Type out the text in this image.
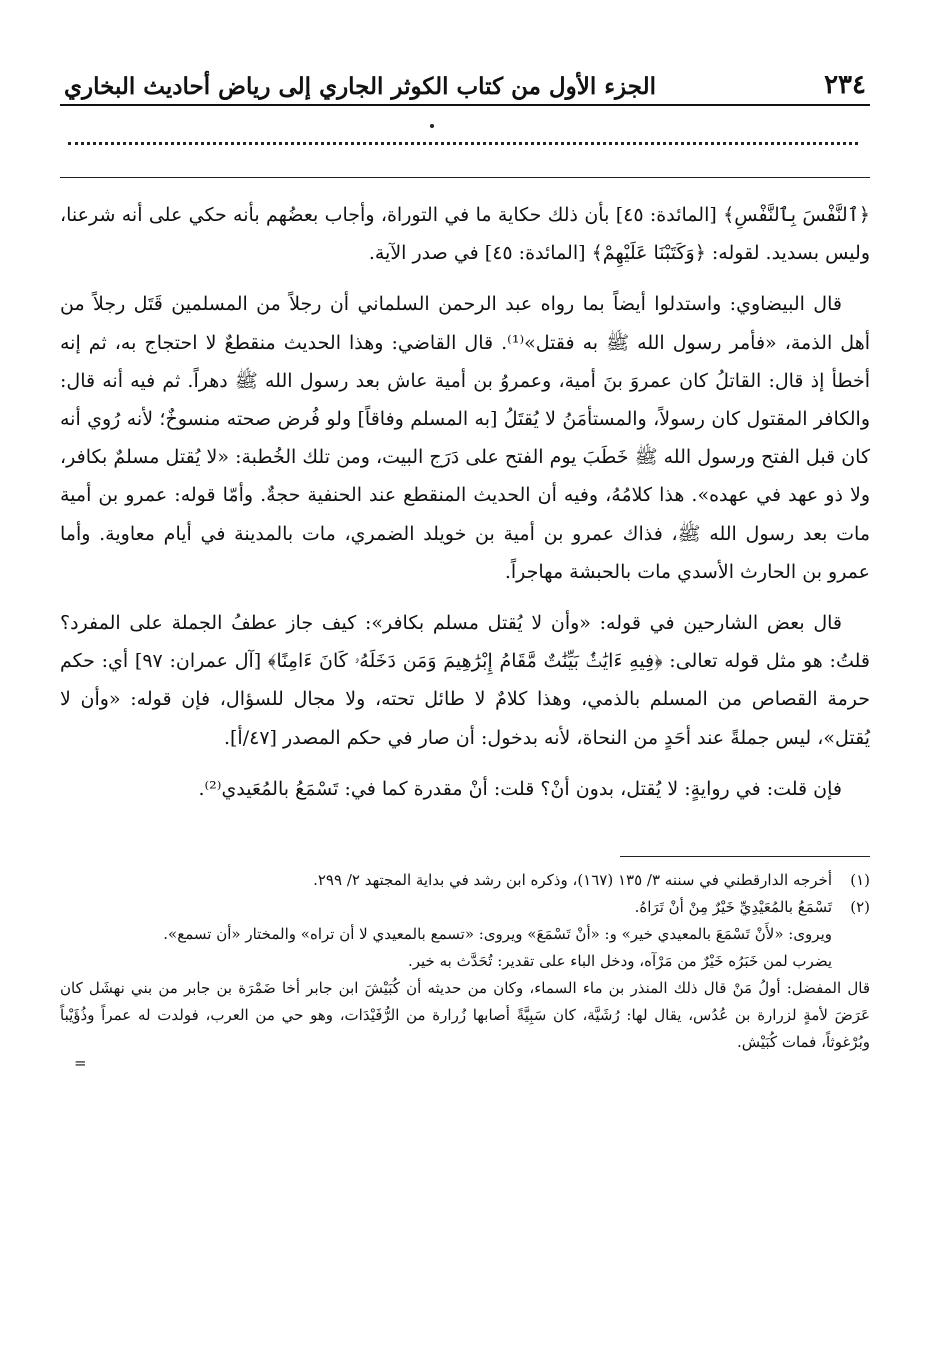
٢٣٤
الجزء الأول من كتاب الكوثر الجاري إلى رياض أحاديث البخاري

﴿ٱلنَّفْسَ بِٱلنَّفْسِ﴾ [المائدة: ٤٥] بأن ذلك حكاية ما في التوراة، وأجاب بعضُهم بأنه حكي على أنه شرعنا، وليس بسديد. لقوله: ﴿وَكَتَبْنَا عَلَيْهِمْ﴾ [المائدة: ٤٥] في صدر الآية.

قال البيضاوي: واستدلوا أيضاً بما رواه عبد الرحمن السلماني أن رجلاً من المسلمين قَتَل رجلاً من أهل الذمة، «فأمر رسول الله ﷺ به فقتل»⁽¹⁾. قال القاضي: وهذا الحديث منقطعٌ لا احتجاج به، ثم إنه أخطأ إذ قال: القاتلُ كان عمروَ بنَ أمية، وعمروُ بن أمية عاش بعد رسول الله ﷺ دهراً. ثم فيه أنه قال: والكافر المقتول كان رسولاً، والمستأمَنُ لا يُقتَلُ [به المسلم وفاقاً] ولو فُرض صحته منسوخٌ؛ لأنه رُوي أنه كان قبل الفتح ورسول الله ﷺ خَطَبَ يوم الفتح على دَرَج البيت، ومن تلك الخُطبة: «لا يُقتل مسلمٌ بكافر، ولا ذو عهد في عهده». هذا كلامُهُ، وفيه أن الحديث المنقطع عند الحنفية حجةٌ. وأمّا قوله: عمرو بن أمية مات بعد رسول الله ﷺ، فذاك عمرو بن أمية بن خويلد الضمري، مات بالمدينة في أيام معاوية. وأما عمرو بن الحارث الأسدي مات بالحبشة مهاجراً.

قال بعض الشارحين في قوله: «وأن لا يُقتل مسلم بكافر»: كيف جاز عطفُ الجملة على المفرد؟ قلتُ: هو مثل قوله تعالى: ﴿فِيهِ ءَايَٰتٌۢ بَيِّنَٰتٌ مَّقَامُ إِبْرَٰهِيمَ وَمَن دَخَلَهُۥ كَانَ ءَامِنًا﴾ [آل عمران: ٩٧] أي: حكم حرمة القصاص من المسلم بالذمي، وهذا كلامٌ لا طائل تحته، ولا مجال للسؤال، فإن قوله: «وأن لا يُقتل»، ليس جملةً عند أحَدٍ من النحاة، لأنه بدخول: أن صار في حكم المصدر [٤٧/أ].

فإن قلت: في روايةٍ: لا يُقتل، بدون أنْ؟ قلت: أنْ مقدرة كما في: تَسْمَعُ بالمُعَيدي⁽²⁾.

(١)
أخرجه الدارقطني في سننه ٣/ ١٣٥ (١٦٧)، وذكره ابن رشد في بداية المجتهد ٢/ ٢٩٩.
(٢)
تَسْمَعُ بالمُعَيْدِيِّ خَيْرٌ مِنْ أنْ تَرَاهُ.
ويروى: «لأَنْ تَسْمَعَ بالمعيدي خير» و: «أنْ تَسْمَعَ» ويروى: «تسمع بالمعيدي لا أن تراه» والمختار «أن تسمع».
يضرب لمن خَبَرُه خَيْرٌ من مَرْآه، ودخل الباء على تقدير: تُحَدَّث به خير.
قال المفضل: أولُ مَنْ قال ذلك المنذر بن ماء السماء، وكان من حديثه أن كُبَيْشَ ابن جابر أخا ضَمْرَة بن جابر من بني نهشَل كان عَرَضَ لأمةٍ لزرارة بن عُدُس، يقال لها: رُشَيَّة، كان سَبِيَّةً أصابها زُرارة من الرُّفَيْدَات، وهو حي من العرب، فولدت له عمراً وذُؤَيْباً وبُرْغوثاً، فمات كُبَيْش.
=
